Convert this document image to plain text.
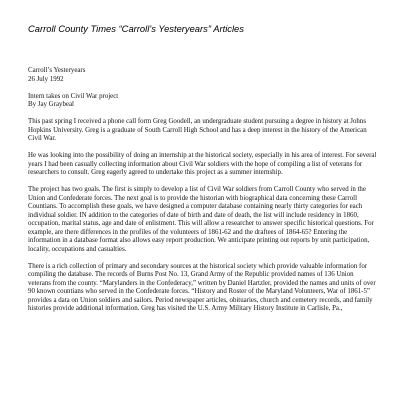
Carroll County Times “Carroll’s Yesteryears” Articles

Carroll’s Yesteryears
26 July 1992

Intern takes on Civil War project
By Jay Graybeal

This past spring I received a phone call form Greg Goodell, an undergraduate student pursuing a degree in history at Johns Hopkins University. Greg is a graduate of South Carroll High School and has a deep interest in the history of the American Civil War.

He was looking into the possibility of doing an internship at the historical society, especially in his area of interest. For several years I had been casually collecting information about Civil War soldiers with the hope of compiling a list of veterans for researchers to consult. Greg eagerly agreed to undertake this project as a summer internship.

The project has two goals. The first is simply to develop a list of Civil War soldiers from Carroll County who served in the Union and Confederate forces. The next goal is to provide the historian with biographical data concerning these Carroll Countians. To accomplish these goals, we have designed a computer database containing nearly thirty categories for each individual soldier. IN addition to the categories of date of birth and date of death, the list will include residency in 1860, occupation, marital status, age and date of enlistment. This will allow a researcher to answer specific historical questions. For example, are there differences in the profiles of the volunteers of 1861-62 and the draftees of 1864-65? Entering the information in a database format also allows easy report production. We anticipate printing out reports by unit participation, locality, occupations and casualties.

There is a rich collection of primary and secondary sources at the historical society which provide valuable information for compiling the database. The records of Burns Post No. 13, Grand Army of the Republic provided names of 136 Union veterans from the county. “Marylanders in the Confederacy,” written by Daniel Hartzler, provided the names and units of over 90 known countians who served in the Confederate forces. “History and Roster of the Maryland Volunteers, War of 1861-5” provides a data on Union soldiers and sailors. Period newspaper articles, obituaries, church and cemetery records, and family histories provide additional information. Greg has visited the U.S. Army Military History Institute in Carlisle, Pa.,
